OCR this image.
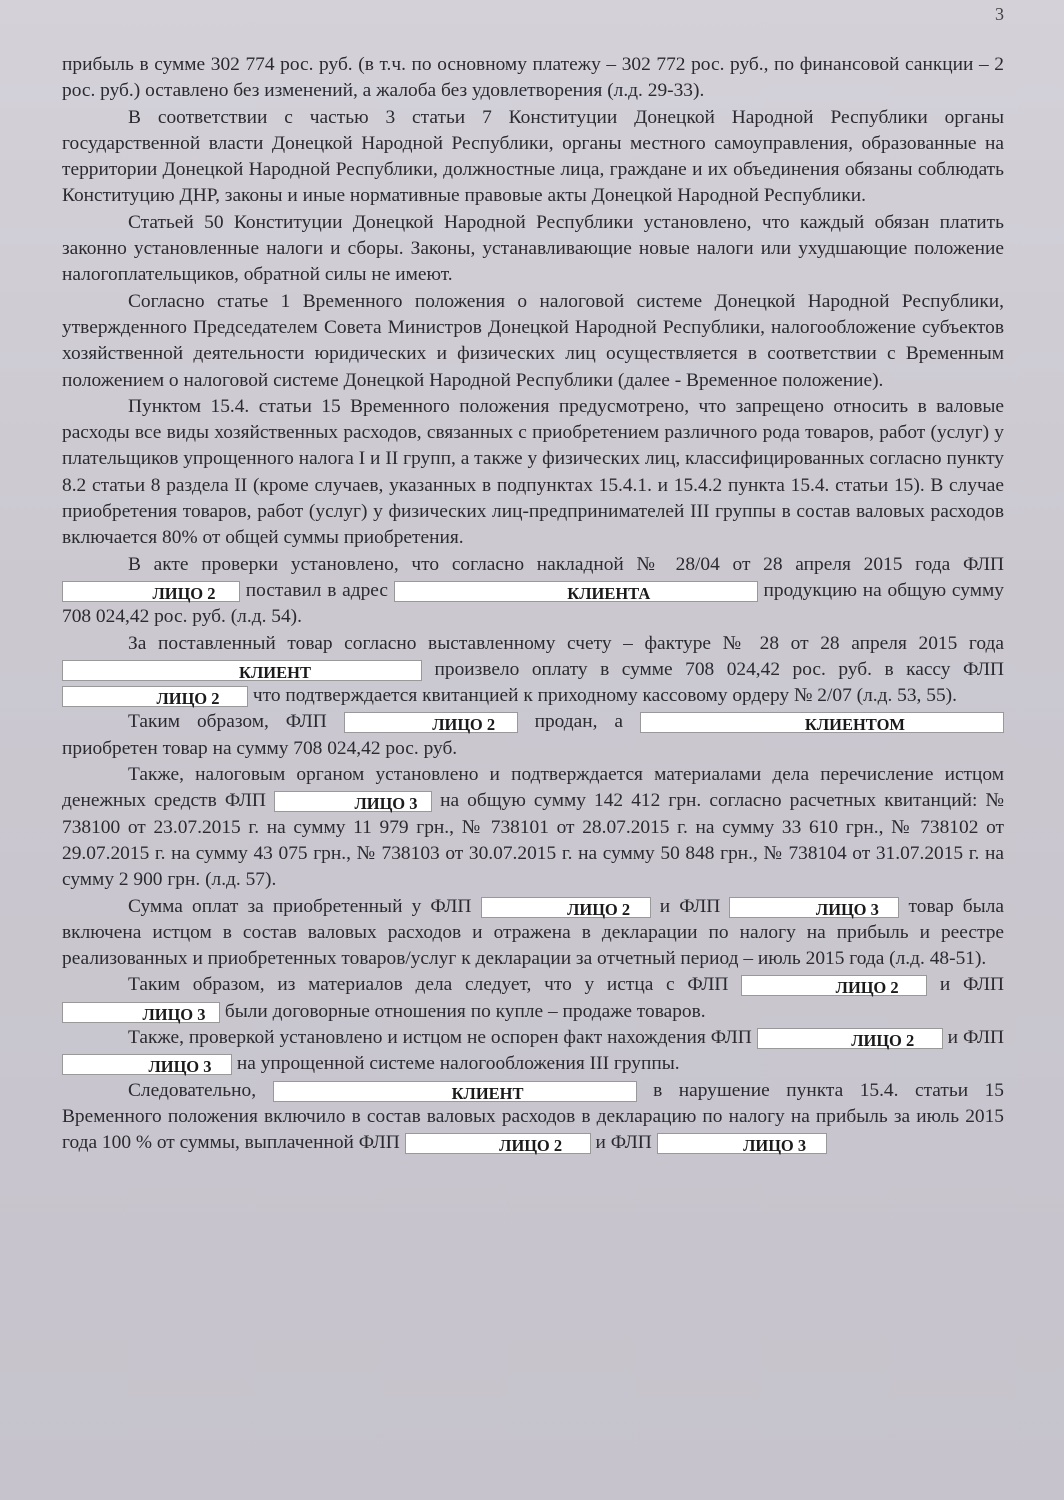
3

прибыль в сумме 302 774 рос. руб. (в т.ч. по основному платежу – 302 772 рос. руб., по финансовой санкции – 2 рос. руб.) оставлено без изменений, а жалоба без удовлетворения (л.д. 29-33).

В соответствии с частью 3 статьи 7 Конституции Донецкой Народной Республики органы государственной власти Донецкой Народной Республики, органы местного самоуправления, образованные на территории Донецкой Народной Республики, должностные лица, граждане и их объединения обязаны соблюдать Конституцию ДНР, законы и иные нормативные правовые акты Донецкой Народной Республики.

Статьей 50 Конституции Донецкой Народной Республики установлено, что каждый обязан платить законно установленные налоги и сборы. Законы, устанавливающие новые налоги или ухудшающие положение налогоплательщиков, обратной силы не имеют.

Согласно статье 1 Временного положения о налоговой системе Донецкой Народной Республики, утвержденного Председателем Совета Министров Донецкой Народной Республики, налогообложение субъектов хозяйственной деятельности юридических и физических лиц осуществляется в соответствии с Временным положением о налоговой системе Донецкой Народной Республики (далее - Временное положение).

Пунктом 15.4. статьи 15 Временного положения предусмотрено, что запрещено относить в валовые расходы все виды хозяйственных расходов, связанных с приобретением различного рода товаров, работ (услуг) у плательщиков упрощенного налога I и II групп, а также у физических лиц, классифицированных согласно пункту 8.2 статьи 8 раздела II (кроме случаев, указанных в подпунктах 15.4.1. и 15.4.2 пункта 15.4. статьи 15). В случае приобретения товаров, работ (услуг) у физических лиц-предпринимателей III группы в состав валовых расходов включается 80% от общей суммы приобретения.

В акте проверки установлено, что согласно накладной № 28/04 от 28 апреля 2015 года ФЛП ЛИЦО 2 поставил в адрес	КЛИЕНТА	продукцию на общую сумму 708 024,42 рос. руб. (л.д. 54).

За поставленный товар согласно выставленному счету – фактуре № 28 от 28 апреля 2015 года КЛИЕНТ	произвело оплату в сумме 708 024,42 рос. руб. в кассу ФЛП ЛИЦО 2 что подтверждается квитанцией к приходному кассовому ордеру № 2/07 (л.д. 53, 55).

Таким образом, ФЛП	ЛИЦО 2 продан, а	КЛИЕНТОМ приобретен товар на сумму 708 024,42 рос. руб.

Также, налоговым органом установлено и подтверждается материалами дела перечисление истцом денежных средств ФЛП	ЛИЦО 3 на общую сумму 142 412 грн. согласно расчетных квитанций: № 738100 от 23.07.2015 г. на сумму 11 979 грн., № 738101 от 28.07.2015 г. на сумму 33 610 грн., № 738102 от 29.07.2015 г. на сумму 43 075 грн., № 738103 от 30.07.2015 г. на сумму 50 848 грн., № 738104 от 31.07.2015 г. на сумму 2 900 грн. (л.д. 57).

Сумма оплат за приобретенный у ФЛП	ЛИЦО 2 и ФЛП	ЛИЦО 3 товар была включена истцом в состав валовых расходов и отражена в декларации по налогу на прибыль и реестре реализованных и приобретенных товаров/услуг к декларации за отчетный период – июль 2015 года (л.д. 48-51).

Таким образом, из материалов дела следует, что у истца с ФЛП	ЛИЦО 2 и ФЛП ЛИЦО 3 были договорные отношения по купле – продаже товаров.

Также, проверкой установлено и истцом не оспорен факт нахождения ФЛП	ЛИЦО 2 и ФЛП ЛИЦО 3 на упрощенной системе налогообложения III группы.

Следовательно,	КЛИЕНТ	в нарушение пункта 15.4. статьи 15 Временного положения включило в состав валовых расходов в декларацию по налогу на прибыль за июль 2015 года 100 % от суммы, выплаченной ФЛП	ЛИЦО 2 и ФЛП	ЛИЦО 3
